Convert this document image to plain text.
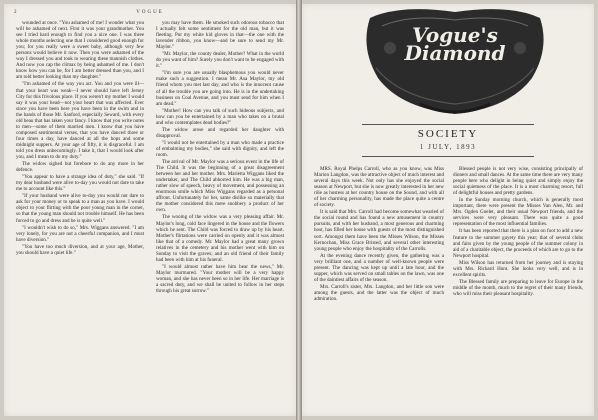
VOGUE
2

wounded at once. "You ashamed of me! I wonder what you will be ashamed of next. First it was your grandmother. You see I tried hard enough to find you a nice one. I was three whole months selecting one that I considered good enough for you; for you really were a sweet baby, although very few persons would believe it now. Then you were ashamed of the way I dressed you and took to wearing these mannish clothes. And now you cap the climax by being ashamed of me. I don't know how you can be, for I am better dressed than you, and I am told better looking than my daughter."

"I'm ashamed of the way you act. You and you were ill—that your heart was weak—I never should have left Jersey City for this frivolous place. If you weren't my mother I would say it was your head—not your heart that was affected. Ever since you have been here you have been in the swim and in the hands of those Mr. Sanford, especially Seward, with every old beau that has taken your fancy. I know that you write notes to men—some of them married men. I know that you have composed sentimental verses, that you have danced three or four times a day, have danced at all the hops and some midnight suppers. At your age of fifty, it is disgraceful. I am told you dress unbecomingly. I take it, that I would look after you, and I mean to do my duty."

The widow sighed but forebore to do any more in her defence.

"You appear to have a strange idea of duty," she said. "If my dear husband were alive to-day you would not dare to take me to account like this."

"If your husband were alive to-day you would not dare to ask for your money or to speak to a man as you have. I would object to your flirting with the poor young man in the corner, so that the young man should not trouble himself. He has been forced to go and dress and he is quite well."

"I wouldn't wish to do so," Mrs. Wiggans answered. "I am very lonely, for you are not a cheerful companion, and I must have diversion."

"You have too much diversion, and at your age, Mother, you should have a quiet life."

you may have them. He smoked such odorous tobacco that I actually felt some sentiment for the old man, but it was fleeting. Put my white kid gloves in that—the one with the lavender ribbon, you know—and be sure to send my Mr. Maylor."

"Mr. Maylor, the county dealer, Mother? What in the world do you want of him? Surely you don't want to be engaged with it."

"I'm sure you are usually blasphemous you would never make such a suggestion. I mean Mr. Asa Maylor, my old friend whom you met last day, and who is the innocent cause of all the trouble you are going into. He is in the undertaking business on Coal Avenue, and you must send for him when I am dead."

"Mother! How can you talk of such hideous subjects, and how can you be entertained by a man who takes on a brutal and who contemplates dead bodies?"

The widow arose and regarded her daughter with disapproval.

"I would not be entertained by a man who made a practice of embalming my bodies," she said with dignity, and left the room.

The arrival of Mr. Maylor was a serious event in the life of The Child. It was the beginning of a great disagreement between her and her mother. Mrs. Marietta Wiggans liked the undertaker, and The Child abhorred him. He was a big man, rather slow of speech, heavy of movement, and possessing an enormous smile which Miss Wiggans regarded as a personal affront. Unfortunately for her, same dislike so materially that the mother considered this mere snobbery a product of her own.

The wooing of the widow was a very pleasing affair. Mr. Maylor's long, cold face lingered in the house and the flowers which he sent. The Child was forced to draw up by his heart. Mother's flirtations were carried on openly and it was almost like that of a comedy. Mr. Maylor had a great many grown relatives in the cemetery and his mother went with him on Sunday to visit the graves; and an old friend of their family had been with him at his funeral.

"I would almost rather have him hear the news," Mr. Maylor murmured. "Your mother will be a very happy woman, and she has never been so in her life. Her marriage is a sacred duty, and we shall be united to follow in her steps through his great sorrow."

Vogue's
Diamond
SOCIETY
1 JULY, 1893

MRS. Royal Phelps Carroll, who as you know, was Miss Marion Langdon, was the attractive object of much interest and several days this week. Not only has she enjoyed the social season at Newport, but she is now greatly interested in her new rôle as hostess at her country house on the Sound, and with all of her charming personality, has made the place quite a centre of society.

It is said that Mrs. Carroll had become somewhat wearied of the social round and has found a new amusement in country pursuits, and with her husband, a most generous and charming host, has filled her house with guests of the most distinguished sort. Amongst them have been the Misses Wilson, the Misses Kernochan, Miss Grace Bristed, and several other interesting young people who enjoy the hospitality of the Carrolls.

At the evening dance recently given, the gathering was a very brilliant one, and a number of well-known people were present. The dancing was kept up until a late hour, and the supper, which was served on small tables on the lawn, was one of the daintiest affairs of the season.

Mrs. Carroll's sister, Mrs. Langdon, and her little son were among the guests, and the latter was the object of much admiration.

Blessed people is not very wise, consisting principally of dinners and small dances. At the same time there are very many people here who delight in being quiet and simply enjoy the social quietness of the place. It is a most charming resort, full of delightful houses and pretty gardens.

In the Sunday morning church, which is generally most important, there were present the Misses Van Alen, Mr. and Mrs. Ogden Goelet, and their usual Newport friends, and the services were very pleasant. There was quite a good representation of the most influential families.

It has been reported that there is a plan on foot to add a new feature to the summer gayety this year; that of several clubs and fairs given by the young people of the summer colony in aid of a charitable object, the proceeds of which are to go to the Newport hospital.

Miss Wilson has returned from her journey and is staying with Mrs. Richard Hunt. She looks very well, and is in excellent spirits.

The Blessed family are preparing to leave for Europe in the middle of the month, much to the regret of their many friends, who will miss their pleasant hospitality.
